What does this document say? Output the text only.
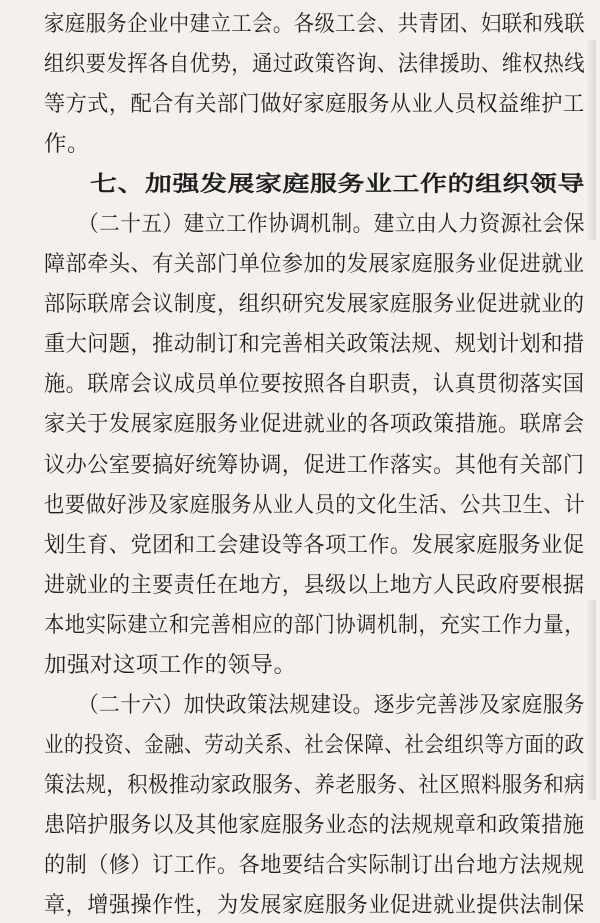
家庭服务企业中建立工会。各级工会、共青团、妇联和残联
组织要发挥各自优势，通过政策咨询、法律援助、维权热线
等方式，配合有关部门做好家庭服务从业人员权益维护工
作。
七、加强发展家庭服务业工作的组织领导
（二十五）建立工作协调机制。建立由人力资源社会保
障部牵头、有关部门单位参加的发展家庭服务业促进就业
部际联席会议制度，组织研究发展家庭服务业促进就业的
重大问题，推动制订和完善相关政策法规、规划计划和措
施。联席会议成员单位要按照各自职责，认真贯彻落实国
家关于发展家庭服务业促进就业的各项政策措施。联席会
议办公室要搞好统筹协调，促进工作落实。其他有关部门
也要做好涉及家庭服务从业人员的文化生活、公共卫生、计
划生育、党团和工会建设等各项工作。发展家庭服务业促
进就业的主要责任在地方，县级以上地方人民政府要根据
本地实际建立和完善相应的部门协调机制，充实工作力量，
加强对这项工作的领导。
（二十六）加快政策法规建设。逐步完善涉及家庭服务
业的投资、金融、劳动关系、社会保障、社会组织等方面的政
策法规，积极推动家政服务、养老服务、社区照料服务和病
患陪护服务以及其他家庭服务业态的法规规章和政策措施
的制（修）订工作。各地要结合实际制订出台地方法规规
章，增强操作性，为发展家庭服务业促进就业提供法制保
